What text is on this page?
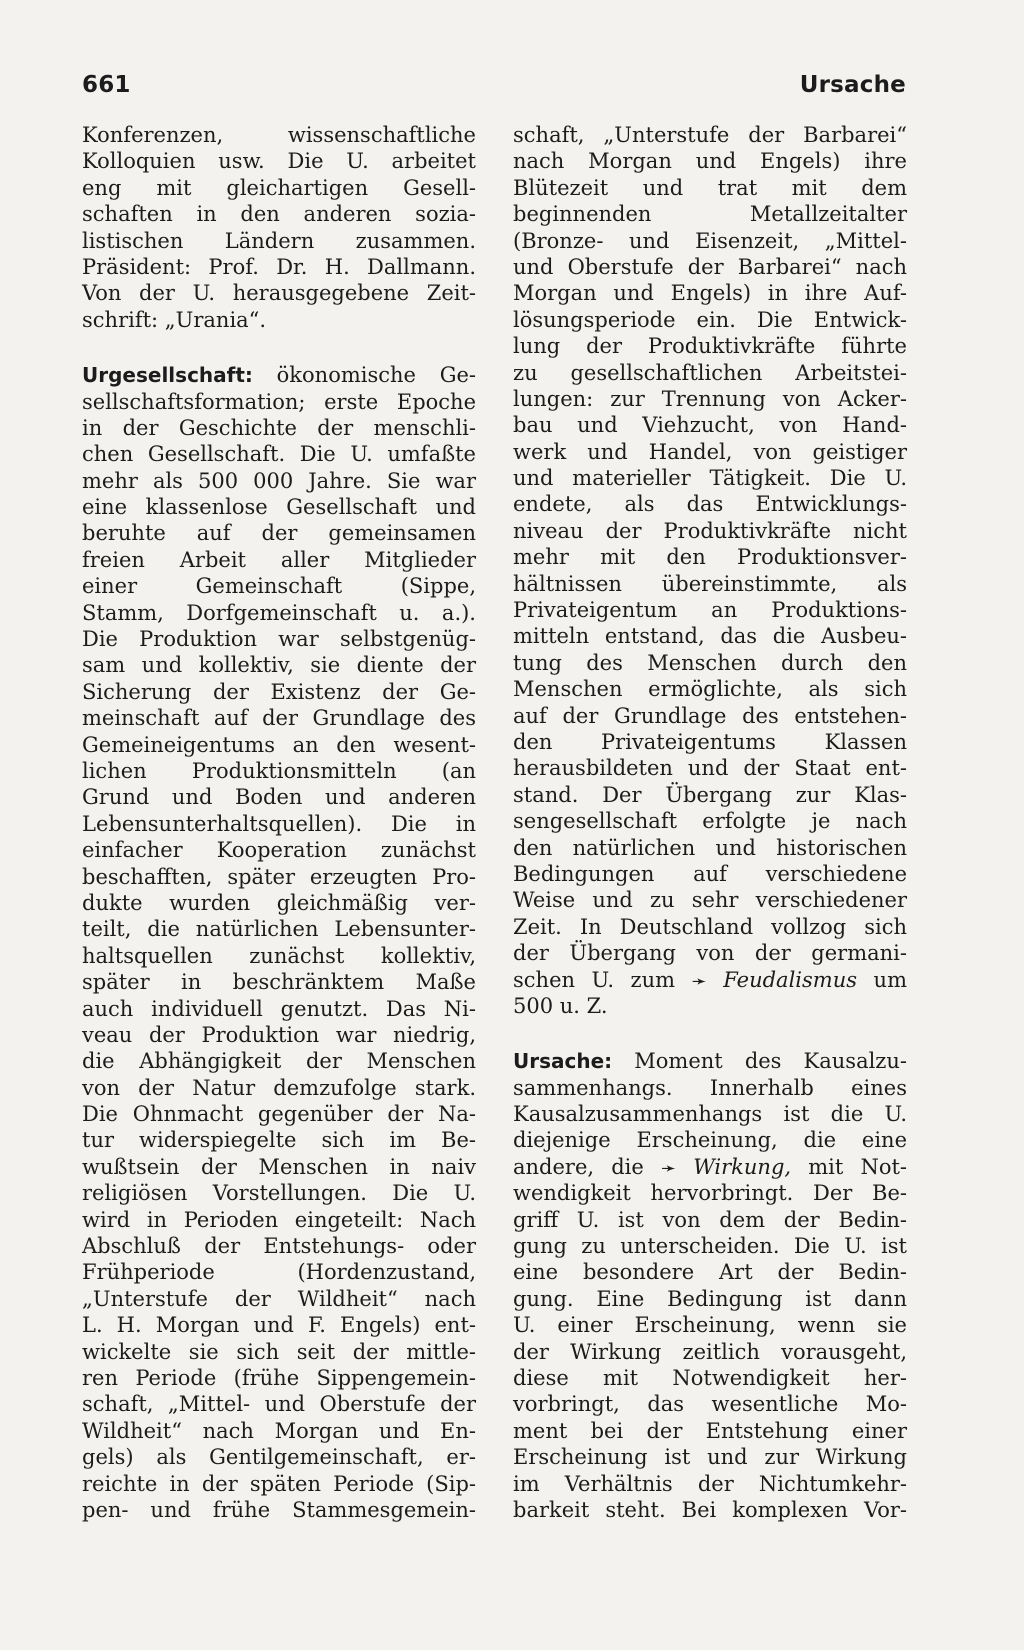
661	Ursache
Konferenzen, wissenschaftliche
Kolloquien usw. Die U. arbeitet
eng mit gleichartigen Gesell-
schaften in den anderen sozia-
listischen Ländern zusammen.
Präsident: Prof. Dr. H. Dallmann.
Von der U. herausgegebene Zeit-
schrift: „Urania“.
Urgesellschaft: ökonomische Ge-
sellschaftsformation; erste Epoche
in der Geschichte der menschli-
chen Gesellschaft. Die U. umfaßte
mehr als 500 000 Jahre. Sie war
eine klassenlose Gesellschaft und
beruhte auf der gemeinsamen
freien Arbeit aller Mitglieder
einer Gemeinschaft (Sippe,
Stamm, Dorfgemeinschaft u. a.).
Die Produktion war selbstgenüg-
sam und kollektiv, sie diente der
Sicherung der Existenz der Ge-
meinschaft auf der Grundlage des
Gemeineigentums an den wesent-
lichen Produktionsmitteln (an
Grund und Boden und anderen
Lebensunterhaltsquellen). Die in
einfacher Kooperation zunächst
beschafften, später erzeugten Pro-
dukte wurden gleichmäßig ver-
teilt, die natürlichen Lebensunter-
haltsquellen zunächst kollektiv,
später in beschränktem Maße
auch individuell genutzt. Das Ni-
veau der Produktion war niedrig,
die Abhängigkeit der Menschen
von der Natur demzufolge stark.
Die Ohnmacht gegenüber der Na-
tur widerspiegelte sich im Be-
wußtsein der Menschen in naiv
religiösen Vorstellungen. Die U.
wird in Perioden eingeteilt: Nach
Abschluß der Entstehungs- oder
Frühperiode (Hordenzustand,
„Unterstufe der Wildheit“ nach
L. H. Morgan und F. Engels) ent-
wickelte sie sich seit der mittle-
ren Periode (frühe Sippengemein-
schaft, „Mittel- und Oberstufe der
Wildheit“ nach Morgan und En-
gels) als Gentilgemeinschaft, er-
reichte in der späten Periode (Sip-
pen- und frühe Stammesgemein-
schaft, „Unterstufe der Barbarei“
nach Morgan und Engels) ihre
Blütezeit und trat mit dem
beginnenden Metallzeitalter
(Bronze- und Eisenzeit, „Mittel-
und Oberstufe der Barbarei“ nach
Morgan und Engels) in ihre Auf-
lösungsperiode ein. Die Entwick-
lung der Produktivkräfte führte
zu gesellschaftlichen Arbeitstei-
lungen: zur Trennung von Acker-
bau und Viehzucht, von Hand-
werk und Handel, von geistiger
und materieller Tätigkeit. Die U.
endete, als das Entwicklungs-
niveau der Produktivkräfte nicht
mehr mit den Produktionsver-
hältnissen übereinstimmte, als
Privateigentum an Produktions-
mitteln entstand, das die Ausbeu-
tung des Menschen durch den
Menschen ermöglichte, als sich
auf der Grundlage des entstehen-
den Privateigentums Klassen
herausbildeten und der Staat ent-
stand. Der Übergang zur Klas-
sengesellschaft erfolgte je nach
den natürlichen und historischen
Bedingungen auf verschiedene
Weise und zu sehr verschiedener
Zeit. In Deutschland vollzog sich
der Übergang von der germani-
schen U. zum ➛ Feudalismus um
500 u. Z.
Ursache: Moment des Kausalzu-
sammenhangs. Innerhalb eines
Kausalzusammenhangs ist die U.
diejenige Erscheinung, die eine
andere, die ➛ Wirkung, mit Not-
wendigkeit hervorbringt. Der Be-
griff U. ist von dem der Bedin-
gung zu unterscheiden. Die U. ist
eine besondere Art der Bedin-
gung. Eine Bedingung ist dann
U. einer Erscheinung, wenn sie
der Wirkung zeitlich vorausgeht,
diese mit Notwendigkeit her-
vorbringt, das wesentliche Mo-
ment bei der Entstehung einer
Erscheinung ist und zur Wirkung
im Verhältnis der Nichtumkehr-
barkeit steht. Bei komplexen Vor-
